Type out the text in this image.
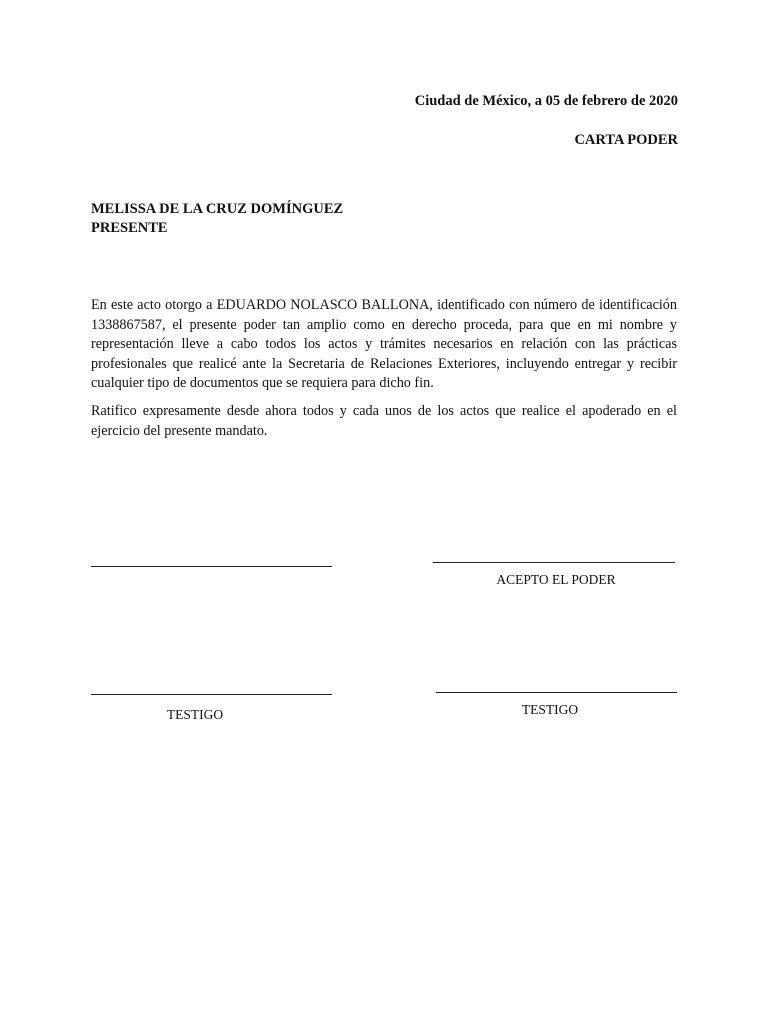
Ciudad de México, a 05 de febrero de 2020
CARTA PODER
MELISSA DE LA CRUZ DOMÍNGUEZ
PRESENTE

En este acto otorgo a EDUARDO NOLASCO BALLONA, identificado con número de identificación 1338867587, el presente poder tan amplio como en derecho proceda, para que en mi nombre y representación lleve a cabo todos los actos y trámites necesarios en relación con las prácticas profesionales que realicé ante la Secretaria de Relaciones Exteriores, incluyendo entregar y recibir cualquier tipo de documentos que se requiera para dicho fin.

Ratifico expresamente desde ahora todos y cada unos de los actos que realice el apoderado en el ejercicio del presente mandato.

ACEPTO EL PODER
TESTIGO	TESTIGO
